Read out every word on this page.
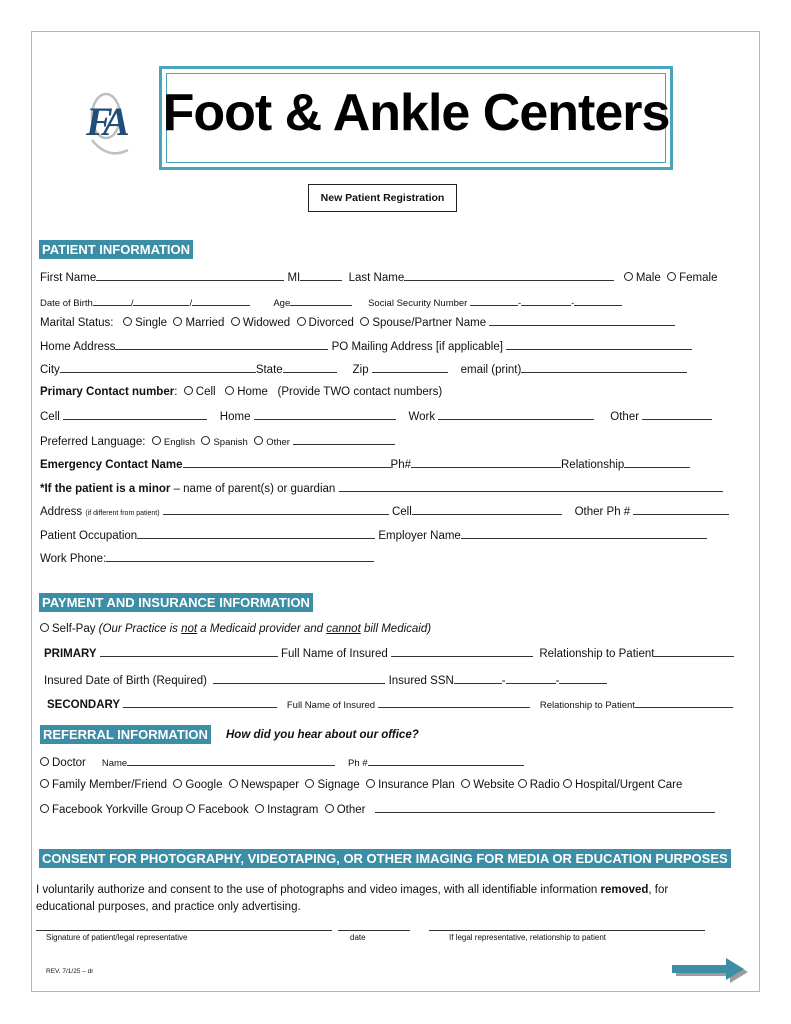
FA Foot & Ankle Centers
New Patient Registration
PATIENT INFORMATION
First Name	MI	Last Name	Male Female
Date of Birth	/	/	Age	Social Security Number	-	-
Marital Status: Single Married Widowed Divorced Spouse/Partner Name
Home Address	PO Mailing Address [if applicable]
City	State	Zip	email (print)
Primary Contact number:  Cell Home (Provide TWO contact numbers)
Cell	Home	Work	Other
Preferred Language: English Spanish Other
Emergency Contact Name	Ph#	Relationship
*If the patient is a minor – name of parent(s) or guardian
Address (if different from patient)	Cell	Other Ph #
Patient Occupation	Employer Name
Work Phone:
PAYMENT AND INSURANCE INFORMATION
Self-Pay (Our Practice is not a Medicaid provider and cannot bill Medicaid)
PRIMARY	Full Name of Insured	Relationship to Patient
Insured Date of Birth (Required)	Insured SSN	-	-
SECONDARY	Full Name of Insured	Relationship to Patient
REFERRAL INFORMATION How did you hear about our office?
Doctor Name	Ph #
Family Member/Friend Google Newspaper Signage Insurance Plan Website Radio Hospital/Urgent Care
Facebook Yorkville Group Facebook Instagram Other
CONSENT FOR PHOTOGRAPHY, VIDEOTAPING, OR OTHER IMAGING FOR MEDIA OR EDUCATION PURPOSES
I voluntarily authorize and consent to the use of photographs and video images, with all identifiable information removed, for
educational purposes, and practice only advertising.
Signature of patient/legal representative	date	If legal representative, relationship to patient
REV. 7/1/25 – dr
